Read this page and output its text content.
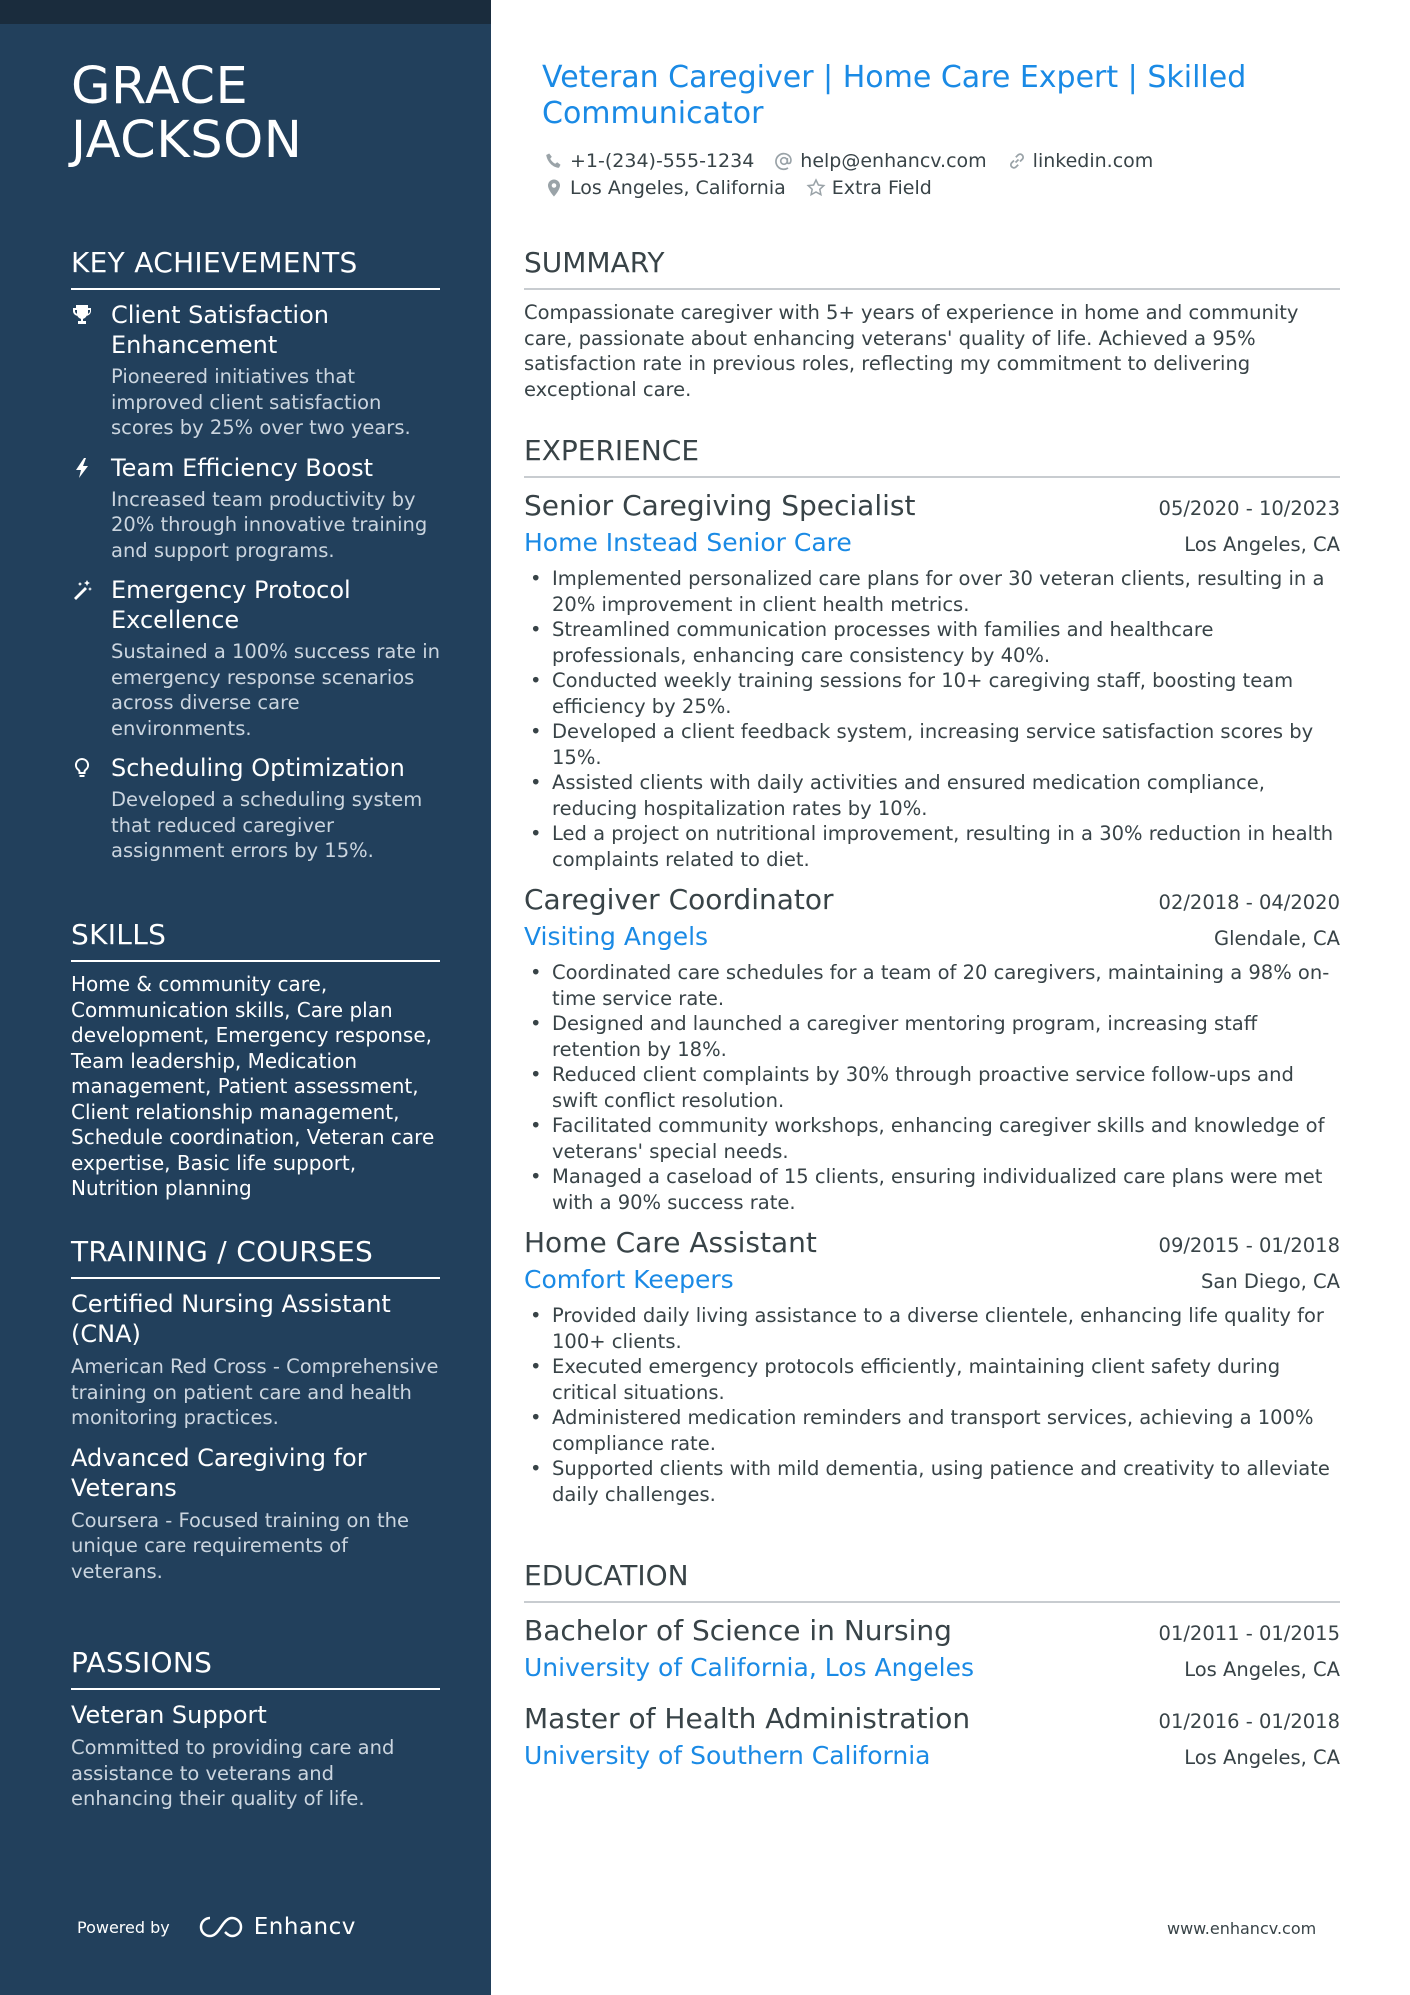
GRACE JACKSON
KEY ACHIEVEMENTS
Client Satisfaction Enhancement
Pioneered initiatives that improved client satisfaction scores by 25% over two years.
Team Efficiency Boost
Increased team productivity by 20% through innovative training and support programs.
Emergency Protocol Excellence
Sustained a 100% success rate in emergency response scenarios across diverse care environments.
Scheduling Optimization
Developed a scheduling system that reduced caregiver assignment errors by 15%.
SKILLS
Home & community care, Communication skills, Care plan development, Emergency response, Team leadership, Medication management, Patient assessment, Client relationship management, Schedule coordination, Veteran care expertise, Basic life support, Nutrition planning
TRAINING / COURSES
Certified Nursing Assistant (CNA)
American Red Cross - Comprehensive training on patient care and health monitoring practices.
Advanced Caregiving for Veterans
Coursera - Focused training on the unique care requirements of veterans.
PASSIONS
Veteran Support
Committed to providing care and assistance to veterans and enhancing their quality of life.
Powered by	Enhancv
Veteran Caregiver | Home Care Expert | Skilled Communicator
+1-(234)-555-1234 help@enhancv.com linkedin.com
Los Angeles, California Extra Field
SUMMARY
Compassionate caregiver with 5+ years of experience in home and community care, passionate about enhancing veterans' quality of life. Achieved a 95% satisfaction rate in previous roles, reflecting my commitment to delivering exceptional care.
EXPERIENCE
Senior Caregiving Specialist	05/2020 - 10/2023
Home Instead Senior Care	Los Angeles, CA
• Implemented personalized care plans for over 30 veteran clients, resulting in a 20% improvement in client health metrics.
• Streamlined communication processes with families and healthcare professionals, enhancing care consistency by 40%.
• Conducted weekly training sessions for 10+ caregiving staff, boosting team efficiency by 25%.
• Developed a client feedback system, increasing service satisfaction scores by 15%.
• Assisted clients with daily activities and ensured medication compliance, reducing hospitalization rates by 10%.
• Led a project on nutritional improvement, resulting in a 30% reduction in health complaints related to diet.
Caregiver Coordinator	02/2018 - 04/2020
Visiting Angels	Glendale, CA
• Coordinated care schedules for a team of 20 caregivers, maintaining a 98% on-time service rate.
• Designed and launched a caregiver mentoring program, increasing staff retention by 18%.
• Reduced client complaints by 30% through proactive service follow-ups and swift conflict resolution.
• Facilitated community workshops, enhancing caregiver skills and knowledge of veterans' special needs.
• Managed a caseload of 15 clients, ensuring individualized care plans were met with a 90% success rate.
Home Care Assistant	09/2015 - 01/2018
Comfort Keepers	San Diego, CA
• Provided daily living assistance to a diverse clientele, enhancing life quality for 100+ clients.
• Executed emergency protocols efficiently, maintaining client safety during critical situations.
• Administered medication reminders and transport services, achieving a 100% compliance rate.
• Supported clients with mild dementia, using patience and creativity to alleviate daily challenges.
EDUCATION
Bachelor of Science in Nursing	01/2011 - 01/2015
University of California, Los Angeles	Los Angeles, CA
Master of Health Administration	01/2016 - 01/2018
University of Southern California	Los Angeles, CA
www.enhancv.com
